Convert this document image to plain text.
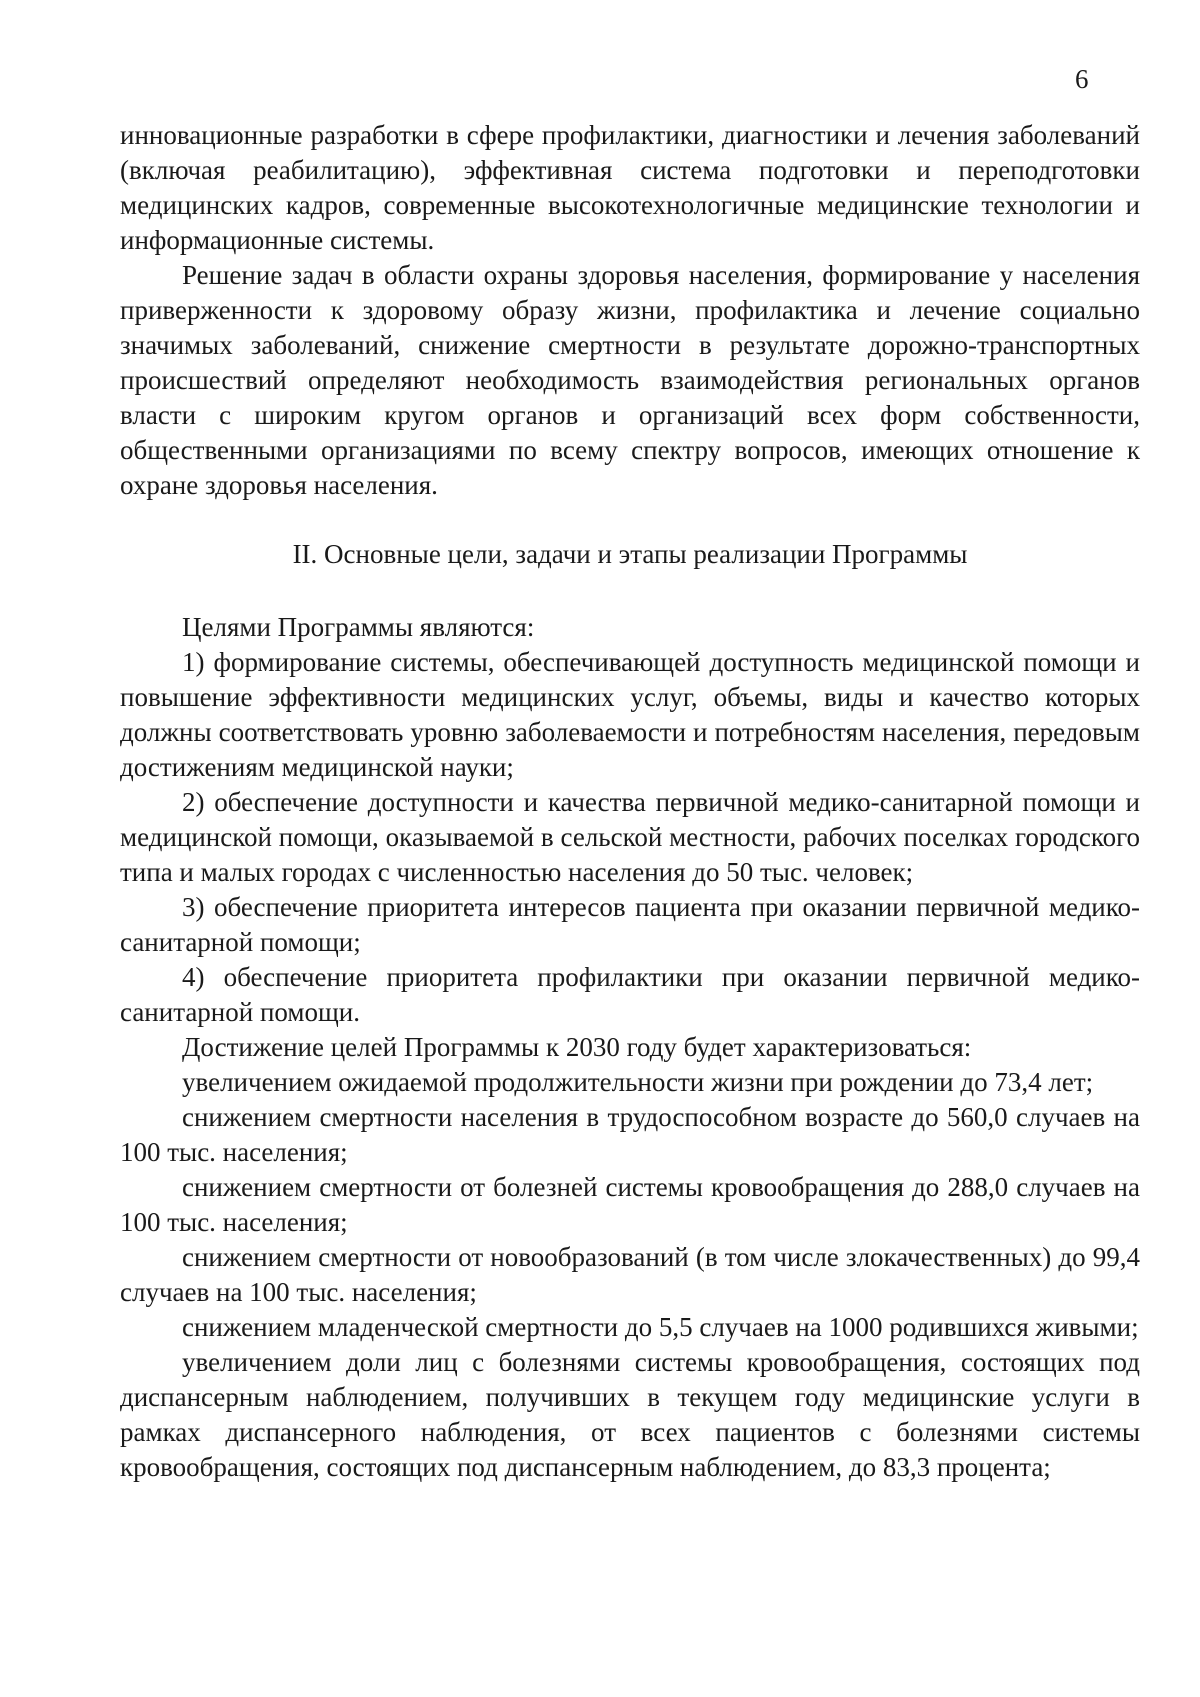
6

инновационные разработки в сфере профилактики, диагностики и лечения заболеваний (включая реабилитацию), эффективная система подготовки и переподготовки медицинских кадров, современные высокотехнологичные медицинские технологии и информационные системы.

Решение задач в области охраны здоровья населения, формирование у населения приверженности к здоровому образу жизни, профилактика и лечение социально значимых заболеваний, снижение смертности в результате дорожно-транспортных происшествий определяют необходимость взаимодействия региональных органов власти с широким кругом органов и организаций всех форм собственности, общественными организациями по всему спектру вопросов, имеющих отношение к охране здоровья населения.

II. Основные цели, задачи и этапы реализации Программы

Целями Программы являются:

1) формирование системы, обеспечивающей доступность медицинской помощи и повышение эффективности медицинских услуг, объемы, виды и качество которых должны соответствовать уровню заболеваемости и потребностям населения, передовым достижениям медицинской науки;

2) обеспечение доступности и качества первичной медико-санитарной помощи и медицинской помощи, оказываемой в сельской местности, рабочих поселках городского типа и малых городах с численностью населения до 50 тыс. человек;

3) обеспечение приоритета интересов пациента при оказании первичной медико-санитарной помощи;

4) обеспечение приоритета профилактики при оказании первичной медико-санитарной помощи.

Достижение целей Программы к 2030 году будет характеризоваться:

увеличением ожидаемой продолжительности жизни при рождении до 73,4 лет;

снижением смертности населения в трудоспособном возрасте до 560,0 случаев на 100 тыс. населения;

снижением смертности от болезней системы кровообращения до 288,0 случаев на 100 тыс. населения;

снижением смертности от новообразований (в том числе злокачественных) до 99,4 случаев на 100 тыс. населения;

снижением младенческой смертности до 5,5 случаев на 1000 родившихся живыми;

увеличением доли лиц с болезнями системы кровообращения, состоящих под диспансерным наблюдением, получивших в текущем году медицинские услуги в рамках диспансерного наблюдения, от всех пациентов с болезнями системы кровообращения, состоящих под диспансерным наблюдением, до 83,3 процента;
